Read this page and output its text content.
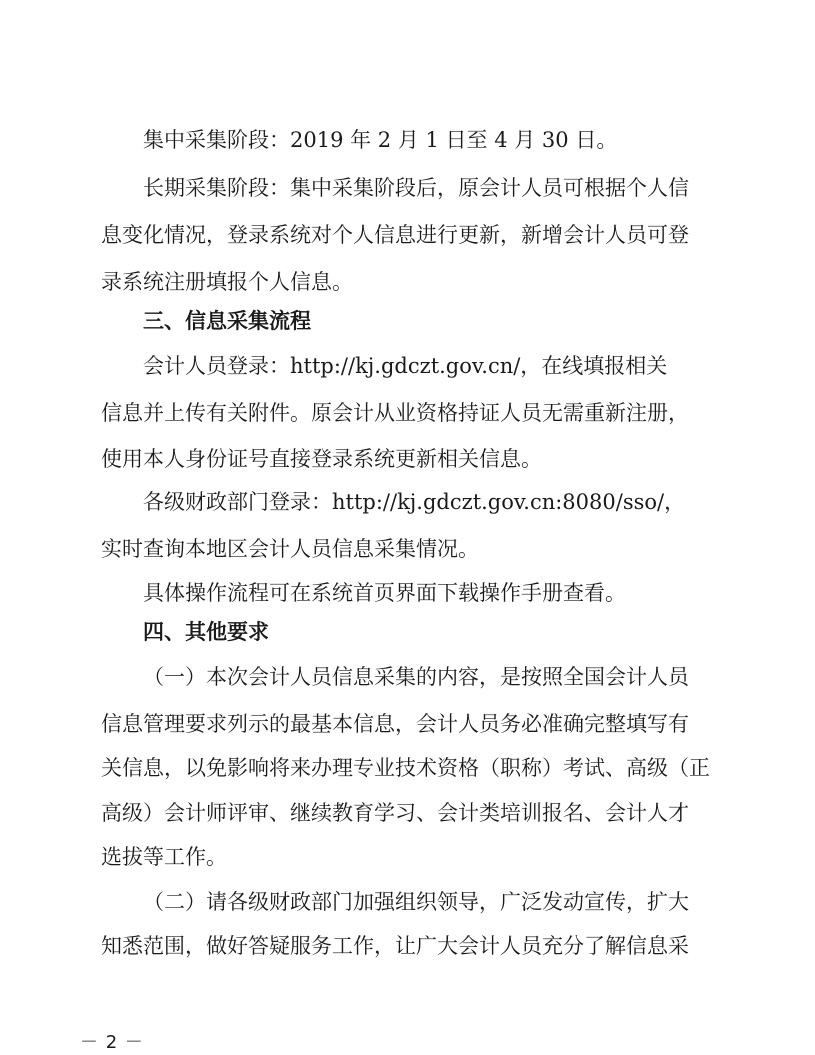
集中采集阶段：2019 年 2 月 1 日至 4 月 30 日。
长期采集阶段：集中采集阶段后，原会计人员可根据个人信
息变化情况，登录系统对个人信息进行更新，新增会计人员可登
录系统注册填报个人信息。
三、信息采集流程
会计人员登录：http://kj.gdczt.gov.cn/，在线填报相关
信息并上传有关附件。原会计从业资格持证人员无需重新注册，
使用本人身份证号直接登录系统更新相关信息。
各级财政部门登录：http://kj.gdczt.gov.cn:8080/sso/，
实时查询本地区会计人员信息采集情况。
具体操作流程可在系统首页界面下载操作手册查看。
四、其他要求
（一）本次会计人员信息采集的内容，是按照全国会计人员
信息管理要求列示的最基本信息，会计人员务必准确完整填写有
关信息，以免影响将来办理专业技术资格（职称）考试、高级（正
高级）会计师评审、继续教育学习、会计类培训报名、会计人才
选拔等工作。
（二）请各级财政部门加强组织领导，广泛发动宣传，扩大
知悉范围，做好答疑服务工作，让广大会计人员充分了解信息采
－ 2 －
